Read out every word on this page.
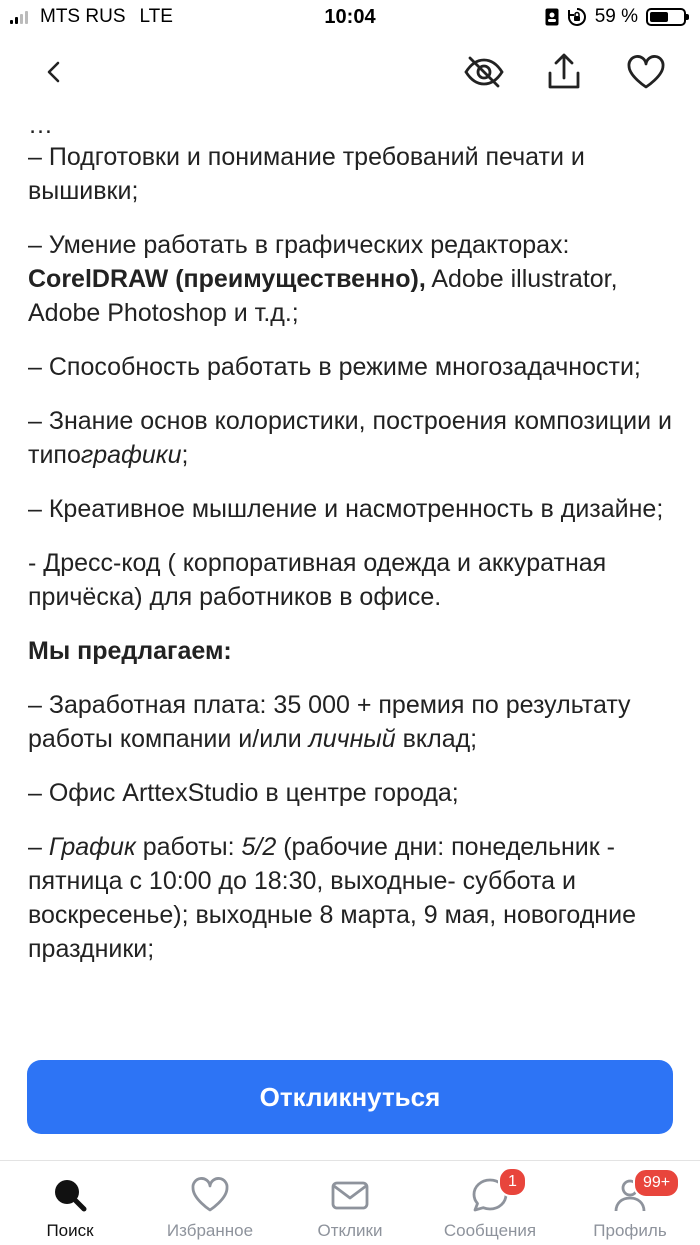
MTS RUS LTE	10:04	59 %

…

– Подготовки и понимание требований печати и вышивки;

– Умение работать в графических редакторах: CorelDRAW (преимущественно), Adobe illustrator, Adobe Photoshop и т.д.;

– Способность работать в режиме многозадачности;

– Знание основ колористики, построения композиции и типографики;

– Креативное мышление и насмотренность в дизайне;

- Дресс-код ( корпоративная одежда и аккуратная причёска) для работников в офисе.

Мы предлагаем:

– Заработная плата: 35 000 + премия по результату работы компании и/или личный вклад;

– Офис ArttexStudio в центре города;

– График работы: 5/2 (рабочие дни: понедельник - пятница с 10:00 до 18:30, выходные- суббота и воскресенье); выходные 8 марта, 9 мая, новогодние праздники;

Откликнуться
Поиск	Избранное	Отклики
1
Сообщения
99+
Профиль
